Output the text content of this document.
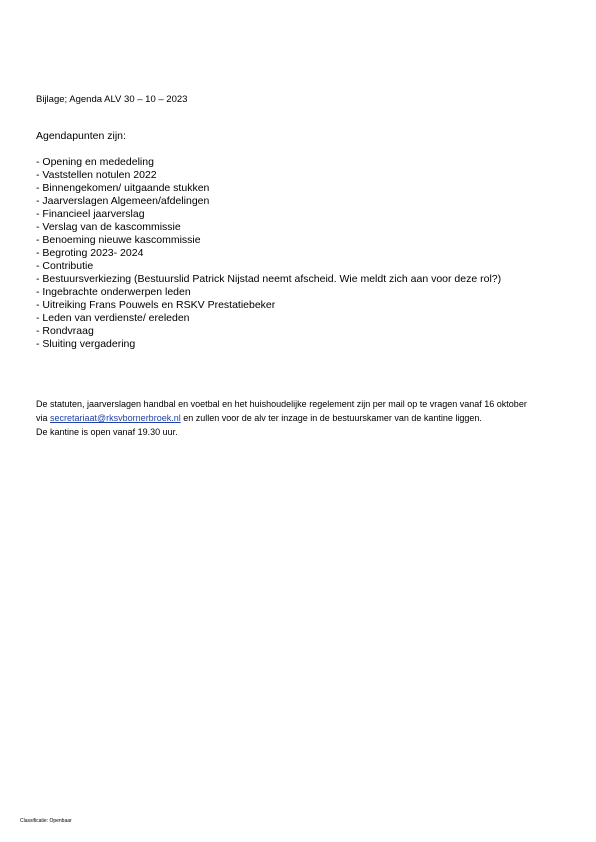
Bijlage; Agenda ALV 30 – 10 – 2023
Agendapunten zijn:
- Opening en mededeling
- Vaststellen notulen 2022
- Binnengekomen/ uitgaande stukken
- Jaarverslagen Algemeen/afdelingen
- Financieel jaarverslag
- Verslag van de kascommissie
- Benoeming nieuwe kascommissie
- Begroting 2023- 2024
- Contributie
- Bestuursverkiezing (Bestuurslid Patrick Nijstad neemt afscheid. Wie meldt zich aan voor deze rol?)
- Ingebrachte onderwerpen leden
- Uitreiking Frans Pouwels en RSKV Prestatiebeker
- Leden van verdienste/ ereleden
- Rondvraag
- Sluiting vergadering
De statuten, jaarverslagen handbal en voetbal en het huishoudelijke regelement zijn per mail op te vragen vanaf 16 oktober
via secretariaat@rksvbornerbroek.nl en zullen voor de alv ter inzage in de bestuurskamer van de kantine liggen.
De kantine is open vanaf 19.30 uur.
Classificatie: Openbaar
